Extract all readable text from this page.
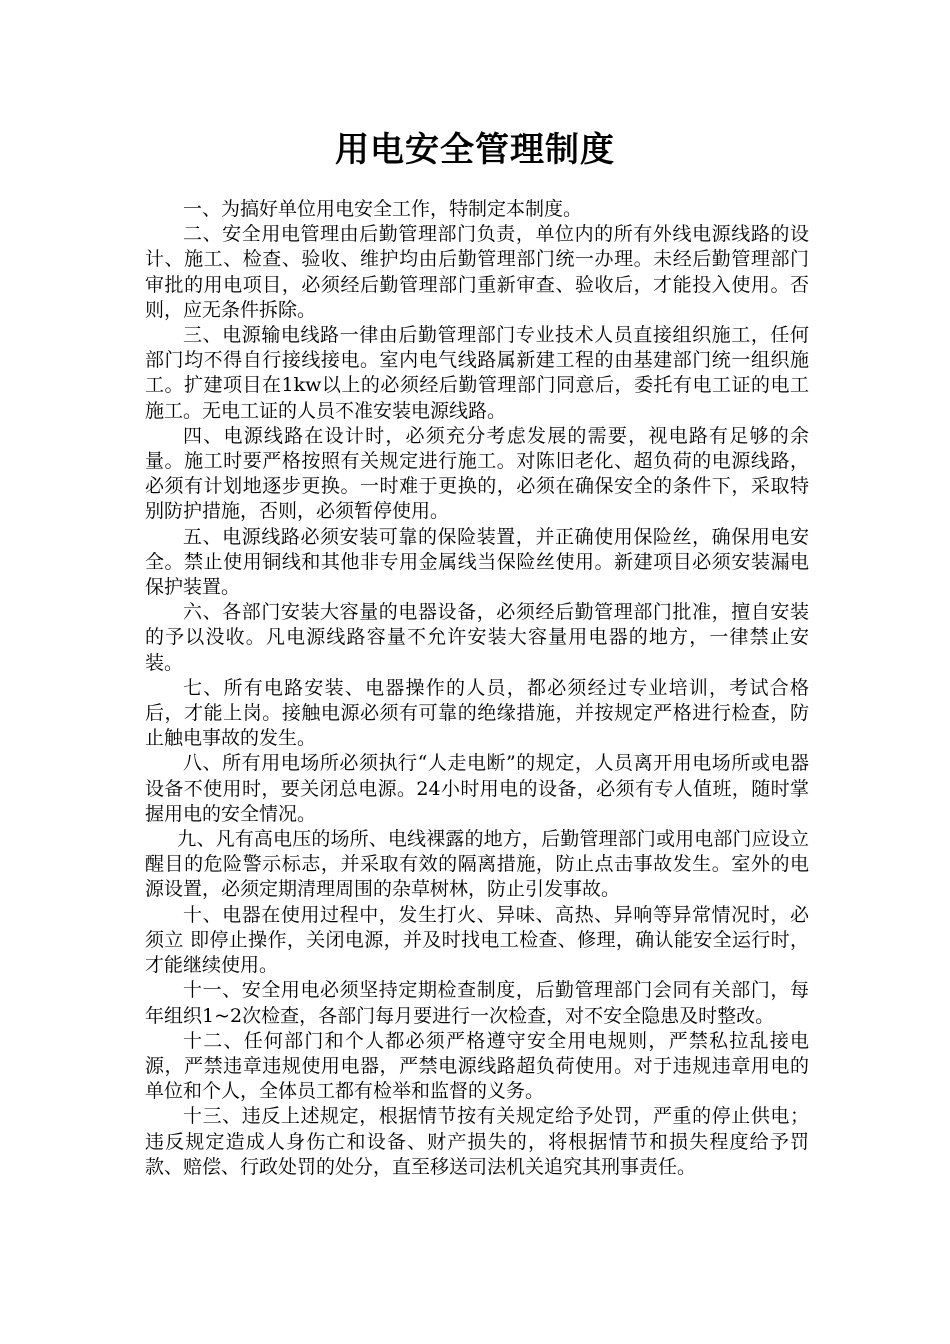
用电安全管理制度

一、为搞好单位用电安全工作，特制定本制度。

二、安全用电管理由后勤管理部门负责，单位内的所有外线电源线路的设计、施工、检查、验收、维护均由后勤管理部门统一办理。未经后勤管理部门审批的用电项目，必须经后勤管理部门重新审查、验收后，才能投入使用。否则，应无条件拆除。

三、电源输电线路一律由后勤管理部门专业技术人员直接组织施工，任何部门均不得自行接线接电。室内电气线路属新建工程的由基建部门统一组织施工。扩建项目在1kw以上的必须经后勤管理部门同意后，委托有电工证的电工施工。无电工证的人员不准安装电源线路。

四、电源线路在设计时，必须充分考虑发展的需要，视电路有足够的余量。施工时要严格按照有关规定进行施工。对陈旧老化、超负荷的电源线路，必须有计划地逐步更换。一时难于更换的，必须在确保安全的条件下，采取特别防护措施，否则，必须暂停使用。

五、电源线路必须安装可靠的保险装置，并正确使用保险丝，确保用电安全。禁止使用铜线和其他非专用金属线当保险丝使用。新建项目必须安装漏电保护装置。

六、各部门安装大容量的电器设备，必须经后勤管理部门批准，擅自安装的予以没收。凡电源线路容量不允许安装大容量用电器的地方，一律禁止安装。

七、所有电路安装、电器操作的人员，都必须经过专业培训，考试合格后，才能上岗。接触电源必须有可靠的绝缘措施，并按规定严格进行检查，防止触电事故的发生。

八、所有用电场所必须执行“人走电断”的规定，人员离开用电场所或电器设备不使用时，要关闭总电源。24小时用电的设备，必须有专人值班，随时掌握用电的安全情况。

九、凡有高电压的场所、电线裸露的地方，后勤管理部门或用电部门应设立醒目的危险警示标志，并采取有效的隔离措施，防止点击事故发生。室外的电源设置，必须定期清理周围的杂草树林，防止引发事故。

十、电器在使用过程中，发生打火、异味、高热、异响等异常情况时，必须立 即停止操作，关闭电源，并及时找电工检查、修理，确认能安全运行时，才能继续使用。

十一、安全用电必须坚持定期检查制度，后勤管理部门会同有关部门，每年组织1~2次检查，各部门每月要进行一次检查，对不安全隐患及时整改。

十二、任何部门和个人都必须严格遵守安全用电规则，严禁私拉乱接电源，严禁违章违规使用电器，严禁电源线路超负荷使用。对于违规违章用电的单位和个人，全体员工都有检举和监督的义务。

十三、违反上述规定，根据情节按有关规定给予处罚，严重的停止供电；违反规定造成人身伤亡和设备、财产损失的，将根据情节和损失程度给予罚款、赔偿、行政处罚的处分，直至移送司法机关追究其刑事责任。
